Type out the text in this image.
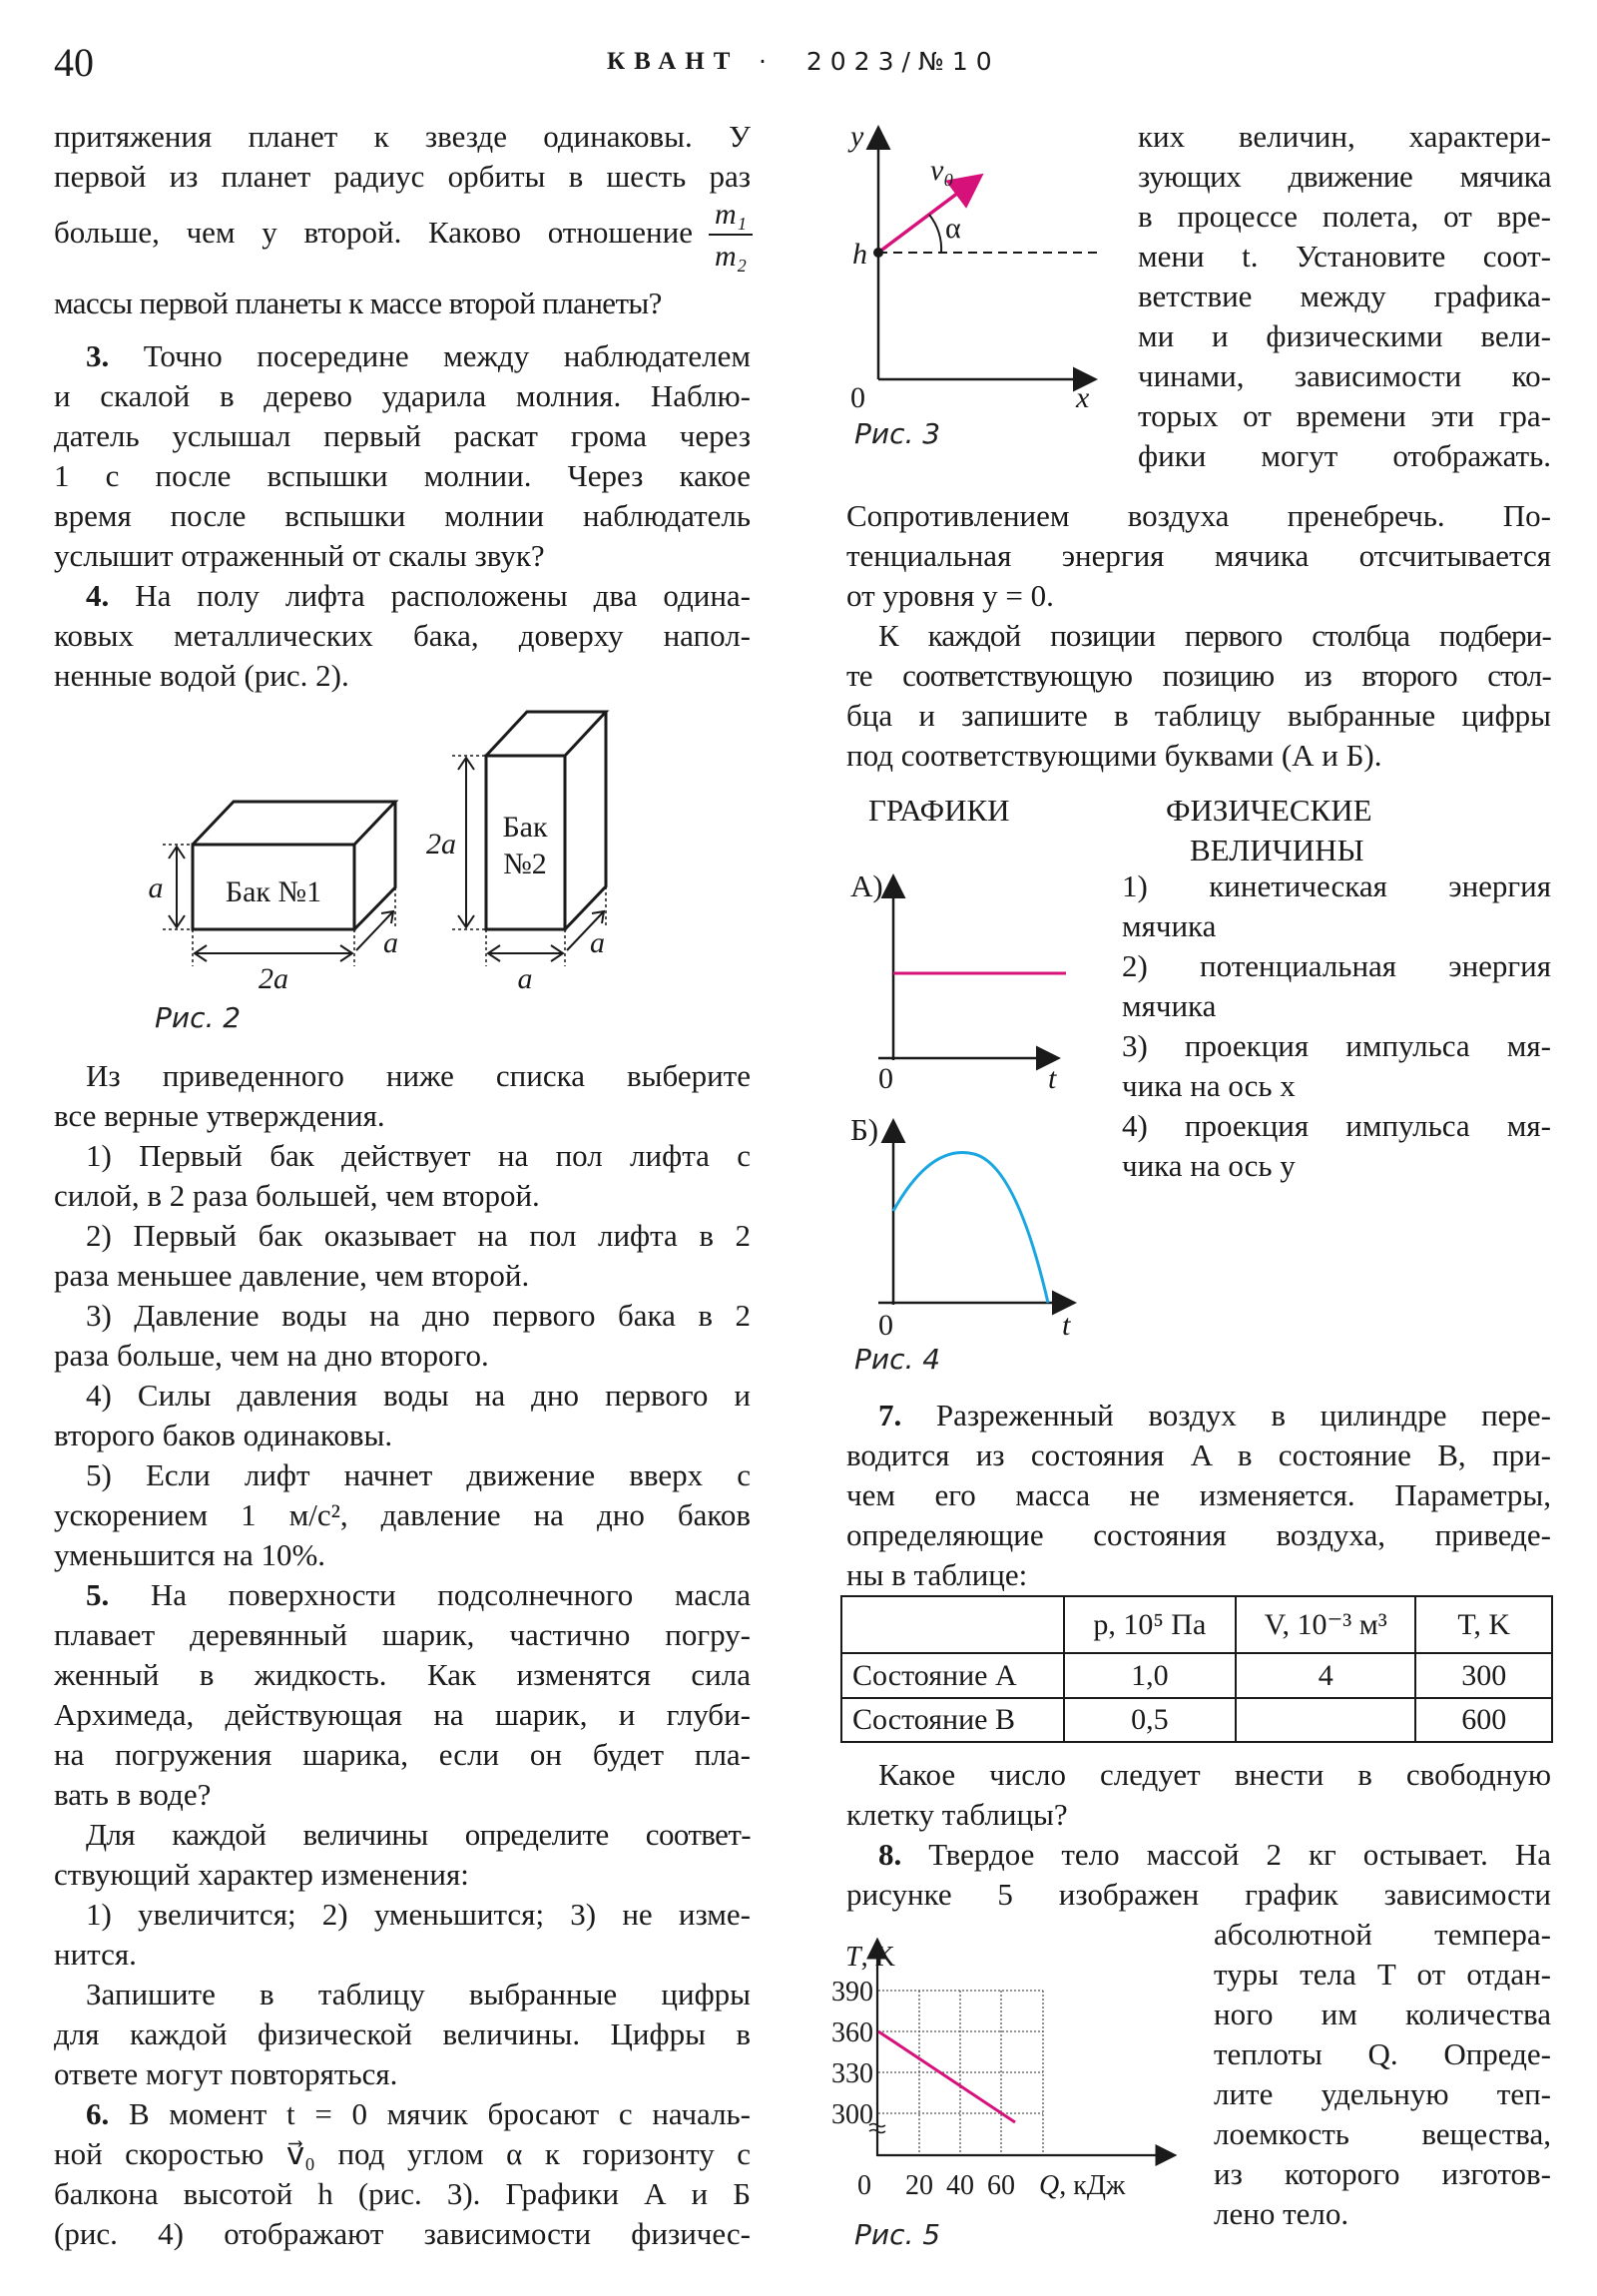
40	КВАНТ · 2023/№10
притяжения планет к звезде одинаковы. У
первой из планет радиус орбиты в шесть раз
больше, чем у второй. Каково отношение $\frac{\text{m₁}}{\text{m₂}}$
массы первой планеты к массе второй планеты?
3. Точно посередине между наблюдателем
и скалой в дерево ударила молния. Наблю-
датель услышал первый раскат грома через
1 с после вспышки молнии. Через какое
время после вспышки молнии наблюдатель
услышит отраженный от скалы звук?
4. На полу лифта расположены два одина-
ковых металлических бака, доверху напол-
ненные водой (рис. 2).
Бак №1
Бак
№2
a
2a
a
2a
a
a
Рис. 2
Из приведенного ниже списка выберите
все верные утверждения.
1) Первый бак действует на пол лифта с
силой, в 2 раза большей, чем второй.
2) Первый бак оказывает на пол лифта в 2
раза меньшее давление, чем второй.
3) Давление воды на дно первого бака в 2
раза больше, чем на дно второго.
4) Силы давления воды на дно первого и
второго баков одинаковы.
5) Если лифт начнет движение вверх с
ускорением 1 м/с², давление на дно баков
уменьшится на 10%.
5. На поверхности подсолнечного масла
плавает деревянный шарик, частично погру-
женный в жидкость. Как изменятся сила
Архимеда, действующая на шарик, и глуби-
на погружения шарика, если он будет пла-
вать в воде?
Для каждой величины определите соответ-
ствующий характер изменения:
1) увеличится; 2) уменьшится; 3) не изме-
нится.
Запишите в таблицу выбранные цифры
для каждой физической величины. Цифры в
ответе могут повторяться.
6. В момент t = 0 мячик бросают с началь-
ной скоростью v⃗₀ под углом α к горизонту с
балкона высотой h (рис. 3). Графики А и Б
(рис. 4) отображают зависимости физичес-
y
x
0
h
v₀
α
Рис. 3
ких величин, характери-
зующих движение мячика
в процессе полета, от вре-
мени t. Установите соот-
ветствие между графика-
ми и физическими вели-
чинами, зависимости ко-
торых от времени эти гра-
фики могут отображать.
Сопротивлением воздуха пренебречь. По-
тенциальная энергия мячика отсчитывается
от уровня y = 0.
К каждой позиции первого столбца подбери-
те соответствующую позицию из второго стол-
бца и запишите в таблицу выбранные цифры
под соответствующими буквами (А и Б).
ГРАФИКИ	ФИЗИЧЕСКИЕ
ВЕЛИЧИНЫ
А)
0	t
Б)
0	t
Рис. 4
1) кинетическая энергия
мячика
2) потенциальная энергия
мячика
3) проекция импульса мя-
чика на ось x
4) проекция импульса мя-
чика на ось y
7. Разреженный воздух в цилиндре пере-
водится из состояния A в состояние B, при-
чем его масса не изменяется. Параметры,
определяющие состояния воздуха, приведе-
ны в таблице:
	p, 10⁵ Па	V, 10⁻³ м³	T, K
Состояние A	1,0	4	300
Состояние B	0,5		600
Какое число следует внести в свободную
клетку таблицы?
8. Твердое тело массой 2 кг остывает. На
рисунке 5 изображен график зависимости
абсолютной темпера-
туры тела T от отдан-
ного им количества
теплоты Q. Опреде-
лите удельную теп-
лоемкость вещества,
из которого изготов-
лено тело.
T, K
390
360
330
300
0 20 40 60 Q, кДж
Рис. 5
